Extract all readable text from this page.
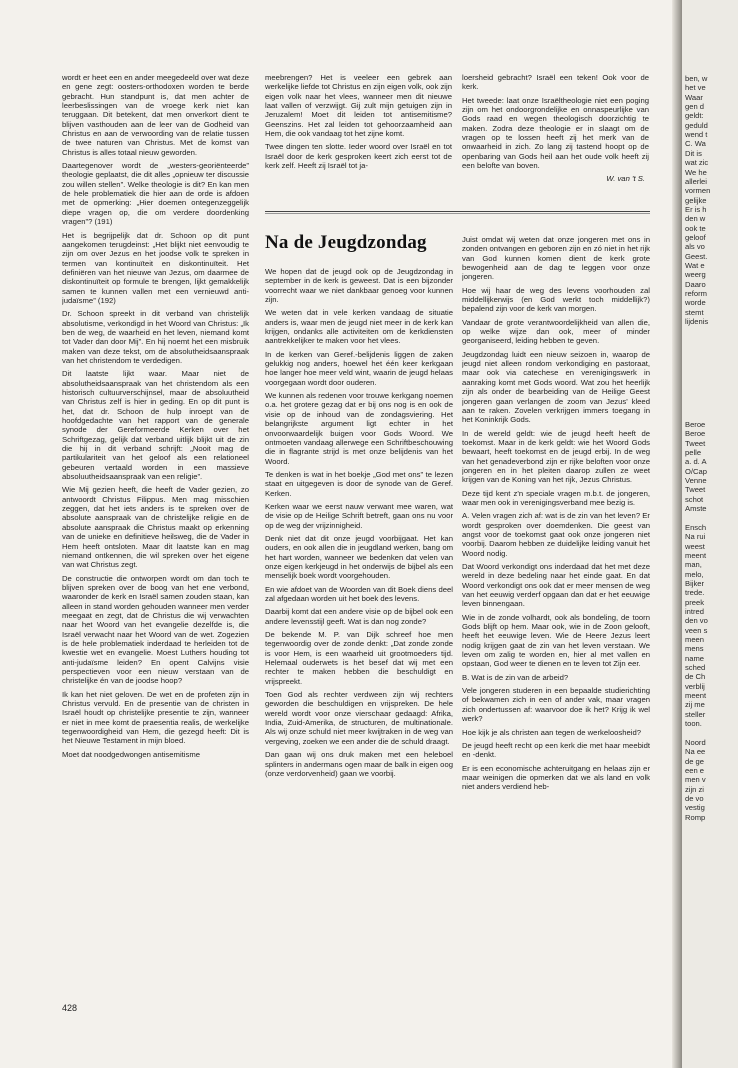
wordt er heet een en ander meegedeeld over wat deze en gene zegt: oosters-orthodoxen worden te berde gebracht. Hun standpunt is, dat men achter de leerbeslissingen van de vroege kerk niet kan teruggaan. Dit betekent, dat men onverkort dient te blijven vasthouden aan de leer van de Godheid van Christus en aan de verwoording van de relatie tussen de twee naturen van Christus. Met de komst van Christus is alles totaal nieuw geworden.

Daartegenover wordt de „westers-georiënteerde” theologie geplaatst, die dit alles „opnieuw ter discussie zou willen stellen”. Welke theologie is dit? En kan men de hele problematiek die hier aan de orde is afdoen met de opmerking: „Hier doemen ontegenzeggelijk diepe vragen op, die om verdere doordenking vragen”? (191)

Het is begrijpelijk dat dr. Schoon op dit punt aangekomen terugdeinst: „Het blijkt niet eenvoudig te zijn om over Jezus en het joodse volk te spreken in termen van kontinuïteit en diskontinuïteit. Het definiëren van het nieuwe van Jezus, om daarmee de diskontinuïteit op formule te brengen, lijkt gemakkelijk samen te kunnen vallen met een vernieuwd anti-judaïsme” (192)

Dr. Schoon spreekt in dit verband van christelijk absolutisme, verkondigd in het Woord van Christus: „Ik ben de weg, de waarheid en het leven, niemand komt tot Vader dan door Mij”. En hij noemt het een misbruik maken van deze tekst, om de absolutheidsaanspraak van het christendom te verdedigen.

Dit laatste lijkt waar. Maar niet de absolutheidsaanspraak van het christendom als een historisch cultuurverschijnsel, maar de absoluutheid van Christus zelf is hier in geding. En op dit punt is het, dat dr. Schoon de hulp inroept van de hoofdgedachte van het rapport van de generale synode der Gereformeerde Kerken over het Schriftgezag, gelijk dat verband uitlijk blijkt uit de zin die hij in dit verband schrijft: „Nooit mag de partikulariteit van het geloof als een relationeel gebeuren vertaald worden in een massieve absoluutheidsaanspraak van een religie”.

Wie Mij gezien heeft, die heeft de Vader gezien, zo antwoordt Christus Filippus. Men mag misschien zeggen, dat het iets anders is te spreken over de absolute aanspraak van de christelijke religie en de absolute aanspraak die Christus maakt op erkenning van de unieke en definitieve heilsweg, die de Vader in Hem heeft ontsloten. Maar dit laatste kan en mag niemand ontkennen, die wil spreken over het eigene van wat Christus zegt.

De constructie die ontworpen wordt om dan toch te blijven spreken over de boog van het ene verbond, waaronder de kerk en Israël samen zouden staan, kan alleen in stand worden gehouden wanneer men verder meegaat en zegt, dat de Christus die wij verwachten naar het Woord van het evangelie dezelfde is, die Israël verwacht naar het Woord van de wet. Zogezien is de hele problematiek inderdaad te herleiden tot de kwestie wet en evangelie. Moest Luthers houding tot anti-judaïsme leiden? En opent Calvijns visie perspectieven voor een nieuw verstaan van de christelijke én van de joodse hoop?

Ik kan het niet geloven. De wet en de profeten zijn in Christus vervuld. En de presentie van de christen in Israël houdt op christelijke presentie te zijn, wanneer er niet in mee komt de praesentia realis, de werkelijke tegenwoordigheid van Hem, die gezegd heeft: Dit is het Nieuwe Testament in mijn bloed.

Moet dat noodgedwongen antisemitisme

meebrengen? Het is veeleer een gebrek aan werkelijke liefde tot Christus en zijn eigen volk, ook zijn eigen volk naar het vlees, wanneer men dit nieuwe laat vallen of verzwijgt. Gij zult mijn getuigen zijn in Jeruzalem! Moet dit leiden tot antisemitisme? Geenszins. Het zal leiden tot gehoorzaamheid aan Hem, die ook vandaag tot het zijne komt.

Twee dingen ten slotte. Ieder woord over Israël en tot Israël door de kerk gesproken keert zich eerst tot de kerk zelf. Heeft zij Israël tot ja-

loersheid gebracht? Israël een teken! Ook voor de kerk.

Het tweede: laat onze Israëltheologie niet een poging zijn om het ondoorgrondelijke en onnaspeurlijke van Gods raad en wegen theologisch doorzichtig te maken. Zodra deze theologie er in slaagt om de vragen op te lossen heeft zij het merk van de onwaarheid in zich. Zo lang zij tastend hoopt op de openbaring van Gods heil aan het oude volk heeft zij een belofte van boven.

W. van 't S.
Na de Jeugdzondag

We hopen dat de jeugd ook op de Jeugdzondag in september in de kerk is geweest. Dat is een bijzonder voorrecht waar we niet dankbaar genoeg voor kunnen zijn.

We weten dat in vele kerken vandaag de situatie anders is, waar men de jeugd niet meer in de kerk kan krijgen, ondanks alle activiteiten om de kerkdiensten aantrekkelijker te maken voor het vlees.

In de kerken van Geref.-belijdenis liggen de zaken gelukkig nog anders, hoewel het één keer kerkgaan hoe langer hoe meer veld wint, waarin de jeugd helaas voorgegaan wordt door ouderen.

We kunnen als redenen voor trouwe kerkgang noemen o.a. het grotere gezag dat er bij ons nog is en ook de visie op de inhoud van de zondagsviering. Het belangrijkste argument ligt echter in het onvoorwaardelijk buigen voor Gods Woord. We ontmoeten vandaag allerwege een Schriftbeschouwing die in flagrante strijd is met onze belijdenis van het Woord.

Te denken is wat in het boekje „God met ons” te lezen staat en uitgegeven is door de synode van de Geref. Kerken.

Kerken waar we eerst nauw verwant mee waren, wat de visie op de Heilige Schrift betreft, gaan ons nu voor op de weg der vrijzinnigheid.

Denk niet dat dit onze jeugd voorbijgaat. Het kan ouders, en ook allen die in jeugdland werken, bang om het hart worden, wanneer we bedenken dat velen van onze eigen kerkjeugd in het onderwijs de bijbel als een menselijk boek wordt voorgehouden.

En wie afdoet van de Woorden van dit Boek diens deel zal afgedaan worden uit het boek des levens.

Daarbij komt dat een andere visie op de bijbel ook een andere levensstijl geeft. Wat is dan nog zonde?

De bekende M. P. van Dijk schreef hoe men tegenwoordig over de zonde denkt: „Dat zonde zonde is voor Hem, is een waarheid uit grootmoeders tijd. Helemaal ouderwets is het besef dat wij met een rechter te maken hebben die beschuldigt en vrijspreekt.

Toen God als rechter verdween zijn wij rechters geworden die beschuldigen en vrijspreken. De hele wereld wordt voor onze vierschaar gedaagd: Afrika, India, Zuid-Amerika, de structuren, de multinationale. Als wij onze schuld niet meer kwijtraken in de weg van vergeving, zoeken we een ander die de schuld draagt.

Dan gaan wij ons druk maken met een heleboel splinters in andermans ogen maar de balk in eigen oog (onze verdorvenheid) gaan we voorbij.

Juist omdat wij weten dat onze jongeren met ons in zonden ontvangen en geboren zijn en zó niet in het rijk van God kunnen komen dient de kerk grote bewogenheid aan de dag te leggen voor onze jongeren.

Hoe wij haar de weg des levens voorhouden zal middellijkerwijs (en God werkt toch middellijk?) bepalend zijn voor de kerk van morgen.

Vandaar de grote verantwoordelijkheid van allen die, op welke wijze dan ook, meer of minder georganiseerd, leiding hebben te geven.

Jeugdzondag luidt een nieuw seizoen in, waarop de jeugd niet alleen rondom verkondiging en pastoraat, maar ook via catechese en verenigingswerk in aanraking komt met Gods woord. Wat zou het heerlijk zijn als onder de bearbeiding van de Heilige Geest jongeren gaan verlangen de zoom van Jezus' kleed aan te raken. Zovelen verkrijgen immers toegang in het Koninkrijk Gods.

In de wereld geldt: wie de jeugd heeft heeft de toekomst. Maar in de kerk geldt: wie het Woord Gods bewaart, heeft toekomst en de jeugd erbij. In de weg van het genadeverbond zijn er rijke beloften voor onze jongeren en in het pleiten daarop zullen ze weet krijgen van de Koning van het rijk, Jezus Christus.

Deze tijd kent z'n speciale vragen m.b.t. de jongeren, waar men ook in verenigingsverband mee bezig is.

A. Velen vragen zich af: wat is de zin van het leven? Er wordt gesproken over doemdenken. Die geest van angst voor de toekomst gaat ook onze jongeren niet voorbij. Daarom hebben ze duidelijke leiding vanuit het Woord nodig.

Dat Woord verkondigt ons inderdaad dat het met deze wereld in deze bedeling naar het einde gaat. En dat Woord verkondigt ons ook dat er meer mensen de weg van het eeuwig verderf opgaan dan dat er het eeuwige leven binnengaan.

Wie in de zonde volhardt, ook als bondeling, de toorn Gods blijft op hem. Maar ook, wie in de Zoon gelooft, heeft het eeuwige leven. Wie de Heere Jezus leert nodig krijgen gaat de zin van het leven verstaan. We leven om zalig te worden en, hier al met vallen en opstaan, God weer te dienen en te leven tot Zijn eer.

B. Wat is de zin van de arbeid?

Vele jongeren studeren in een bepaalde studierichting of bekwamen zich in een of ander vak, maar vragen zich ondertussen af: waarvoor doe ik het? Krijg ik wel werk?

Hoe kijk je als christen aan tegen de werkeloosheid?

De jeugd heeft recht op een kerk die met haar meebidt en -denkt.

Er is een economische achteruitgang en helaas zijn er maar weinigen die opmerken dat we als land en volk niet anders verdiend heb-

428
ben, w
het ve
Waar
gen d
geldt:
geduld
wend t
C. Wa
Dit is
wat zic
We he
allerlei
vormen
gelijke
Er is h
den w
ook te
geloof
als vo
Geest.
Wat e
weerg
Daaro
reform
worde
stemt
lijdenis
Beroe
Beroe
Tweet
pelle
a. d. A
O/Cap
Venne
Tweet
schot
Amste
Ensch
Na rui
weest
meent
man,
melo,
Bijker
trede.
preek
intred
den vo
veen s
meen
mens
name
sched
de Ch
verblij
meent
zij me
steller
toon.
Noord
Na ee
de ge
een e
men v
zijn zi
de vo
vestig
Romp
